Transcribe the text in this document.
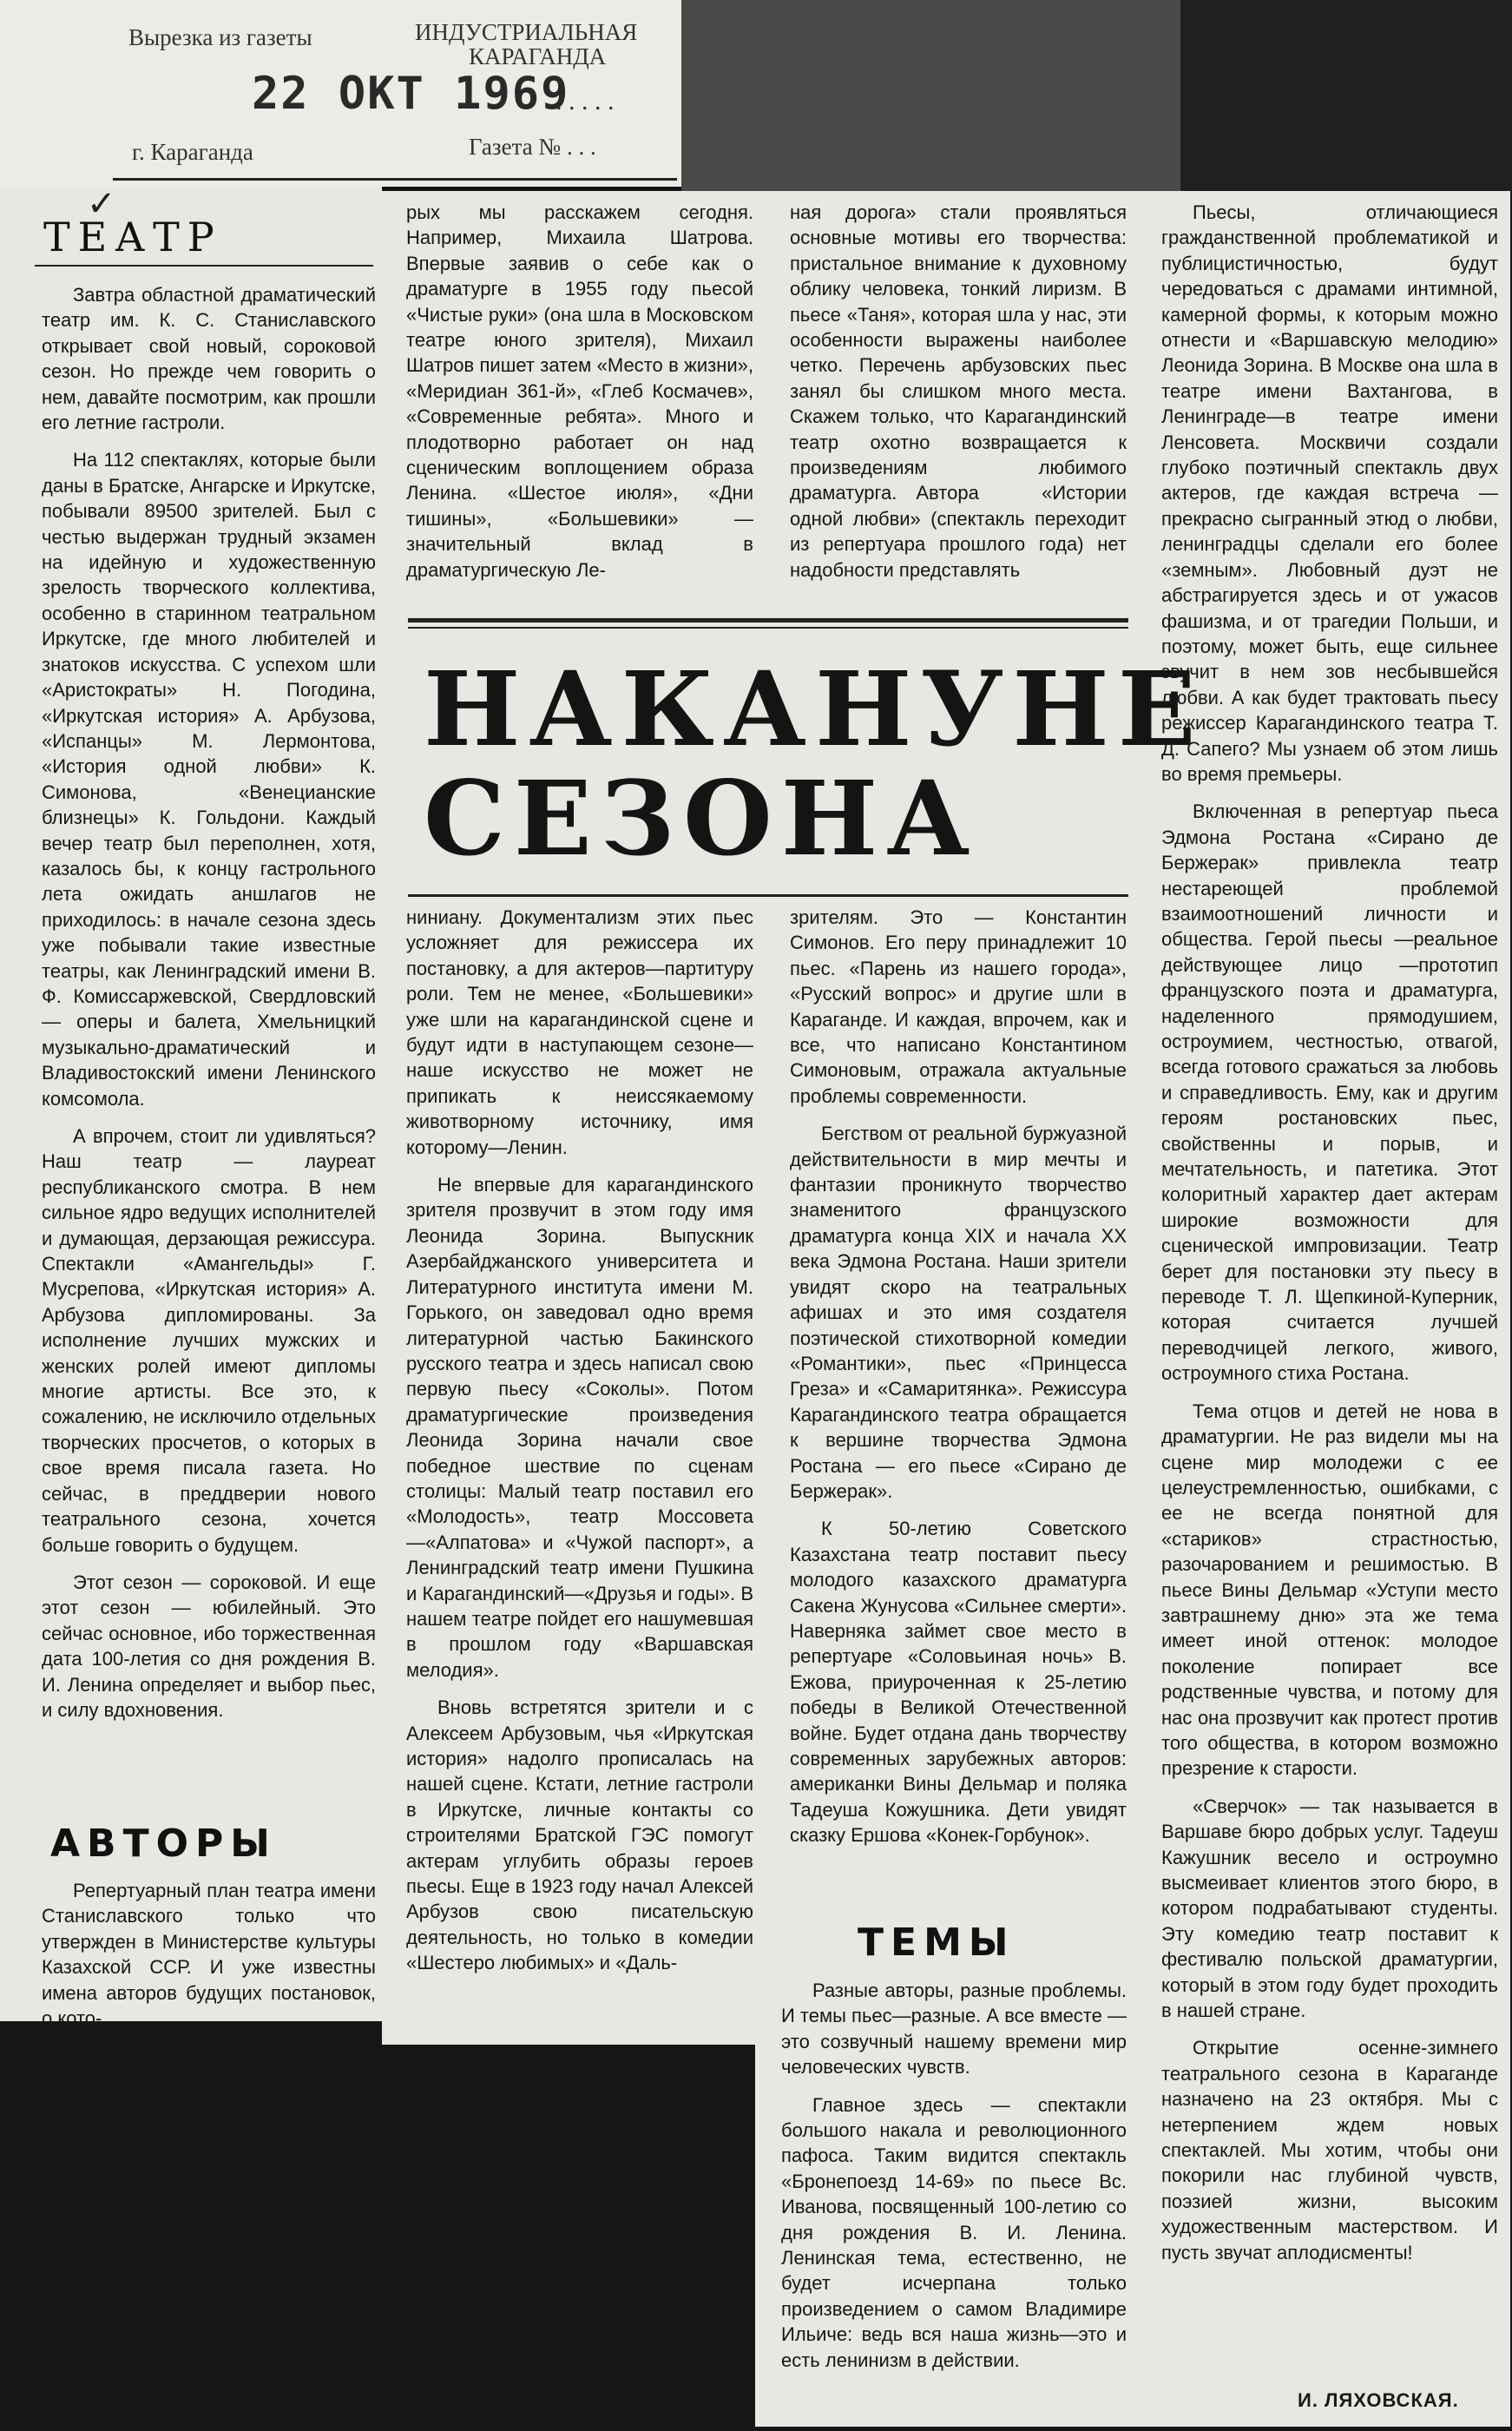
Вырезка из газеты	ИНДУСТРИАЛЬНАЯ
КАРАГАНДА
22 ОКТ 1969
. . . . .
г. Караганда	Газета № . . .
✓
ТЕАТР

Завтра областной драматический театр им. К. С. Станиславского открывает свой новый, сороковой сезон. Но прежде чем говорить о нем, давайте посмотрим, как прошли его летние гастроли.

На 112 спектаклях, которые были даны в Братске, Ангарске и Иркутске, побывали 89500 зрителей. Был с честью выдержан трудный экзамен на идейную и художественную зрелость творческого коллектива, особенно в старинном театральном Иркутске, где много любителей и знатоков искусства. С успехом шли «Аристократы» Н. Погодина, «Иркутская история» А. Арбузова, «Испанцы» М. Лермонтова, «История одной любви» К. Симонова, «Венецианские близнецы» К. Гольдони. Каждый вечер театр был переполнен, хотя, казалось бы, к концу гастрольного лета ожидать аншлагов не приходилось: в начале сезона здесь уже побывали такие известные театры, как Ленинградский имени В. Ф. Комиссаржевской, Свердловский — оперы и балета, Хмельницкий музыкально-драматический и Владивостокский имени Ленинского комсомола.

А впрочем, стоит ли удивляться? Наш театр — лауреат республиканского смотра. В нем сильное ядро ведущих исполнителей и думающая, дерзающая режиссура. Спектакли «Амангельды» Г. Мусрепова, «Иркутская история» А. Арбузова дипломированы. За исполнение лучших мужских и женских ролей имеют дипломы многие артисты. Все это, к сожалению, не исключило отдельных творческих просчетов, о которых в свое время писала газета. Но сейчас, в преддверии нового театрального сезона, хочется больше говорить о будущем.

Этот сезон — сороковой. И еще этот сезон — юбилейный. Это сейчас основное, ибо торжественная дата 100-летия со дня рождения В. И. Ленина определяет и выбор пьес, и силу вдохновения.

АВТОРЫ

Репертуарный план театра имени Станиславского только что утвержден в Министерстве культуры Казахской ССР. И уже известны имена авторов будущих постановок, о кото-

рых мы расскажем сегодня. Например, Михаила Шатрова. Впервые заявив о себе как о драматурге в 1955 году пьесой «Чистые руки» (она шла в Московском театре юного зрителя), Михаил Шатров пишет затем «Место в жизни», «Меридиан 361-й», «Глеб Космачев», «Современные ребята». Много и плодотворно работает он над сценическим воплощением образа Ленина. «Шестое июля», «Дни тишины», «Большевики» — значительный вклад в драматургическую Ле-

ная дорога» стали проявляться основные мотивы его творчества: пристальное внимание к духовному облику человека, тонкий лиризм. В пьесе «Таня», которая шла у нас, эти особенности выражены наиболее четко. Перечень арбузовских пьес занял бы слишком много места. Скажем только, что Карагандинский театр охотно возвращается к произведениям любимого драматурга. Автора «Истории одной любви» (спектакль переходит из репертуара прошлого года) нет надобности представлять

НАКАНУНЕ
СЕЗОНА

ниниану. Документализм этих пьес усложняет для режиссера их постановку, а для актеров—партитуру роли. Тем не менее, «Большевики» уже шли на карагандинской сцене и будут идти в наступающем сезоне—наше искусство не может не припикать к неиссякаемому животворному источнику, имя которому—Ленин.

Не впервые для карагандинского зрителя прозвучит в этом году имя Леонида Зорина. Выпускник Азербайджанского университета и Литературного института имени М. Горького, он заведовал одно время литературной частью Бакинского русского театра и здесь написал свою первую пьесу «Соколы». Потом драматургические произведения Леонида Зорина начали свое победное шествие по сценам столицы: Малый театр поставил его «Молодость», театр Моссовета—«Алпатова» и «Чужой паспорт», а Ленинградский театр имени Пушкина и Карагандинский—«Друзья и годы». В нашем театре пойдет его нашумевшая в прошлом году «Варшавская мелодия».

Вновь встретятся зрители и с Алексеем Арбузовым, чья «Иркутская история» надолго прописалась на нашей сцене. Кстати, летние гастроли в Иркутске, личные контакты со строителями Братской ГЭС помогут актерам углубить образы героев пьесы. Еще в 1923 году начал Алексей Арбузов свою писательскую деятельность, но только в комедии «Шестеро любимых» и «Даль-

зрителям. Это — Константин Симонов. Его перу принадлежит 10 пьес. «Парень из нашего города», «Русский вопрос» и другие шли в Караганде. И каждая, впрочем, как и все, что написано Константином Симоновым, отражала актуальные проблемы современности.

Бегством от реальной буржуазной действительности в мир мечты и фантазии проникнуто творчество знаменитого французского драматурга конца XIX и начала XX века Эдмона Ростана. Наши зрители увидят скоро на театральных афишах и это имя создателя поэтической стихотворной комедии «Романтики», пьес «Принцесса Греза» и «Самаритянка». Режиссура Карагандинского театра обращается к вершине творчества Эдмона Ростана — его пьесе «Сирано де Бержерак».

К 50-летию Советского Казахстана театр поставит пьесу молодого казахского драматурга Сакена Жунусова «Сильнее смерти». Наверняка займет свое место в репертуаре «Соловьиная ночь» В. Ежова, приуроченная к 25-летию победы в Великой Отечественной войне. Будет отдана дань творчеству современных зарубежных авторов: американки Вины Дельмар и поляка Тадеуша Кожушника. Дети увидят сказку Ершова «Конек-Горбунок».

ТЕМЫ

Разные авторы, разные проблемы. И темы пьес—разные. А все вместе — это созвучный нашему времени мир человеческих чувств.

Главное здесь — спектакли большого накала и революционного пафоса. Таким видится спектакль «Бронепоезд 14-69» по пьесе Вс. Иванова, посвященный 100-летию со дня рождения В. И. Ленина. Ленинская тема, естественно, не будет исчерпана только произведением о самом Владимире Ильиче: ведь вся наша жизнь—это и есть ленинизм в действии.

Пьесы, отличающиеся гражданственной проблематикой и публицистичностью, будут чередоваться с драмами интимной, камерной формы, к которым можно отнести и «Варшавскую мелодию» Леонида Зорина. В Москве она шла в театре имени Вахтангова, в Ленинграде—в театре имени Ленсовета. Москвичи создали глубоко поэтичный спектакль двух актеров, где каждая встреча — прекрасно сыгранный этюд о любви, ленинградцы сделали его более «земным». Любовный дуэт не абстрагируется здесь и от ужасов фашизма, и от трагедии Польши, и поэтому, может быть, еще сильнее звучит в нем зов несбывшейся любви. А как будет трактовать пьесу режиссер Карагандинского театра Т. Д. Сапего? Мы узнаем об этом лишь во время премьеры.

Включенная в репертуар пьеса Эдмона Ростана «Сирано де Бержерак» привлекла театр нестареющей проблемой взаимоотношений личности и общества. Герой пьесы —реальное действующее лицо —прототип французского поэта и драматурга, наделенного прямодушием, остроумием, честностью, отвагой, всегда готового сражаться за любовь и справедливость. Ему, как и другим героям ростановских пьес, свойственны и порыв, и мечтательность, и патетика. Этот колоритный характер дает актерам широкие возможности для сценической импровизации. Театр берет для постановки эту пьесу в переводе Т. Л. Щепкиной-Куперник, которая считается лучшей переводчицей легкого, живого, остроумного стиха Ростана.

Тема отцов и детей не нова в драматургии. Не раз видели мы на сцене мир молодежи с ее целеустремленностью, ошибками, с ее не всегда понятной для «стариков» страстностью, разочарованием и решимостью. В пьесе Вины Дельмар «Уступи место завтрашнему дню» эта же тема имеет иной оттенок: молодое поколение попирает все родственные чувства, и потому для нас она прозвучит как протест против того общества, в котором возможно презрение к старости.

«Сверчок» — так называется в Варшаве бюро добрых услуг. Тадеуш Кажушник весело и остроумно высмеивает клиентов этого бюро, в котором подрабатывают студенты. Эту комедию театр поставит к фестивалю польской драматургии, который в этом году будет проходить в нашей стране.

Открытие осенне-зимнего театрального сезона в Караганде назначено на 23 октября. Мы с нетерпением ждем новых спектаклей. Мы хотим, чтобы они покорили нас глубиной чувств, поэзией жизни, высоким художественным мастерством. И пусть звучат аплодисменты!

И. ЛЯХОВСКАЯ.
